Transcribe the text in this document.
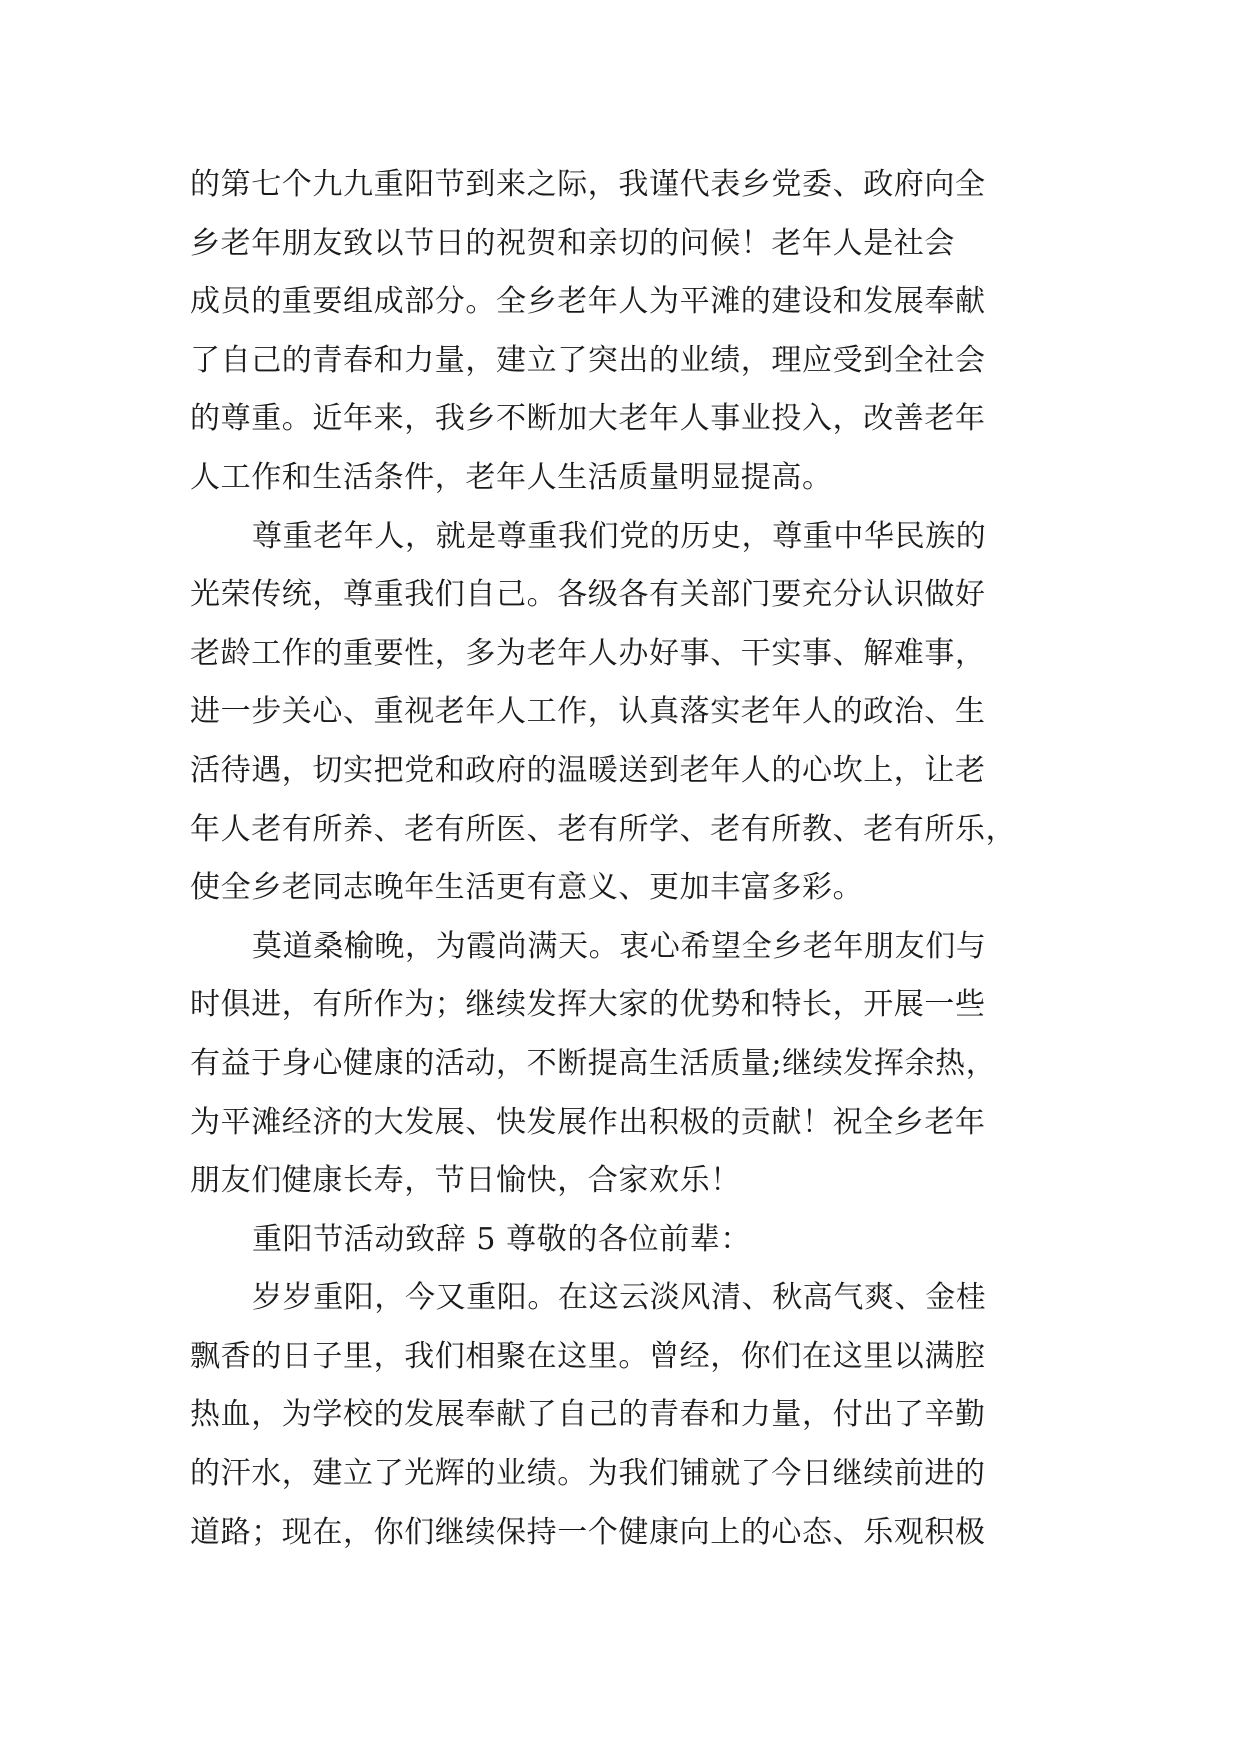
的第七个九九重阳节到来之际，我谨代表乡党委、政府向全
乡老年朋友致以节日的祝贺和亲切的问候！老年人是社会
成员的重要组成部分。全乡老年人为平滩的建设和发展奉献
了自己的青春和力量，建立了突出的业绩，理应受到全社会
的尊重。近年来，我乡不断加大老年人事业投入，改善老年
人工作和生活条件，老年人生活质量明显提高。
尊重老年人，就是尊重我们党的历史，尊重中华民族的
光荣传统，尊重我们自己。各级各有关部门要充分认识做好
老龄工作的重要性，多为老年人办好事、干实事、解难事，
进一步关心、重视老年人工作，认真落实老年人的政治、生
活待遇，切实把党和政府的温暖送到老年人的心坎上，让老
年人老有所养、老有所医、老有所学、老有所教、老有所乐，
使全乡老同志晚年生活更有意义、更加丰富多彩。
莫道桑榆晚，为霞尚满天。衷心希望全乡老年朋友们与
时俱进，有所作为；继续发挥大家的优势和特长，开展一些
有益于身心健康的活动，不断提高生活质量;继续发挥余热，
为平滩经济的大发展、快发展作出积极的贡献！祝全乡老年
朋友们健康长寿，节日愉快，合家欢乐！
重阳节活动致辞 5 尊敬的各位前辈：
岁岁重阳，今又重阳。在这云淡风清、秋高气爽、金桂
飘香的日子里，我们相聚在这里。曾经，你们在这里以满腔
热血，为学校的发展奉献了自己的青春和力量，付出了辛勤
的汗水，建立了光辉的业绩。为我们铺就了今日继续前进的
道路；现在，你们继续保持一个健康向上的心态、乐观积极
